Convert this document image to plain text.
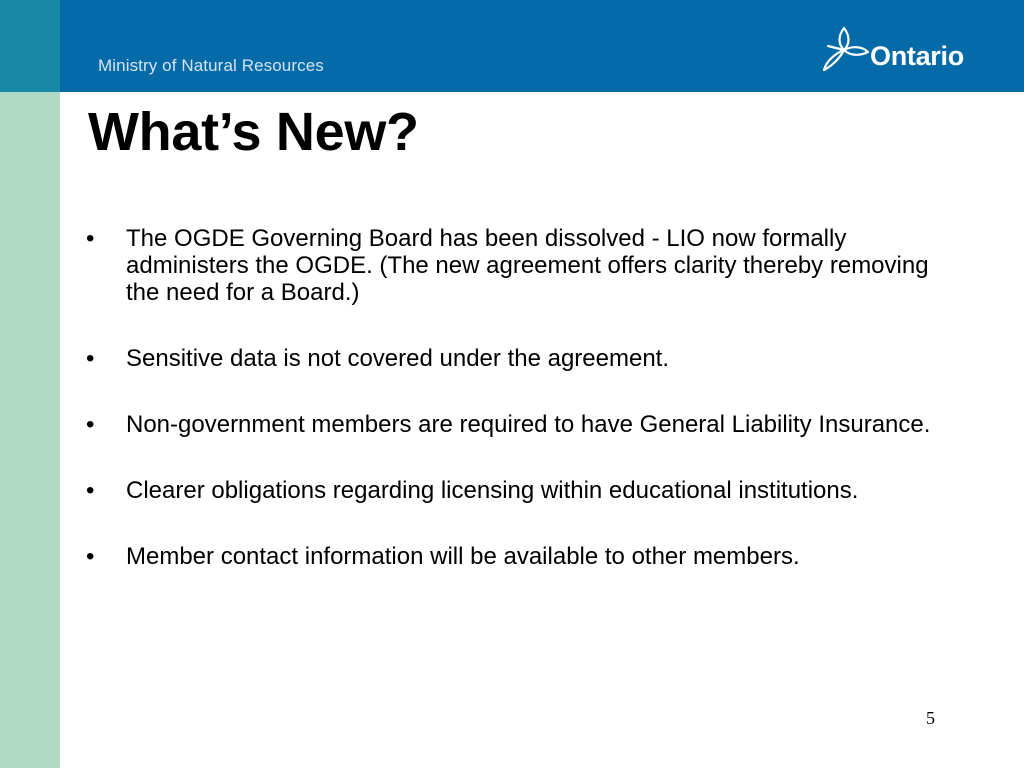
Ministry of Natural Resources	Ontario
What’s New?
• The OGDE Governing Board has been dissolved - LIO now formally administers the OGDE. (The new agreement offers clarity thereby removing the need for a Board.)
• Sensitive data is not covered under the agreement.
• Non-government members are required to have General Liability Insurance.
• Clearer obligations regarding licensing within educational institutions.
• Member contact information will be available to other members.
5
